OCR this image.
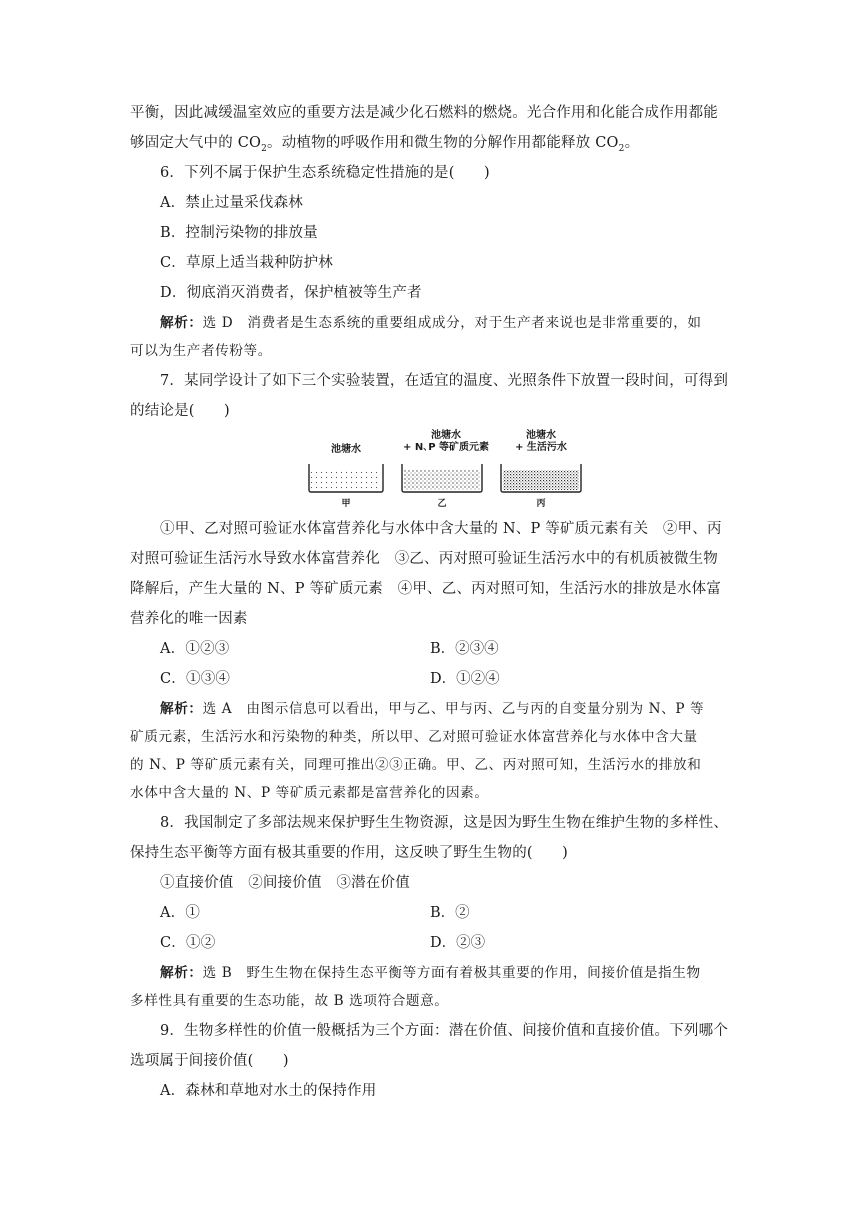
平衡，因此减缓温室效应的重要方法是减少化石燃料的燃烧。光合作用和化能合成作用都能
够固定大气中的 $CO_2$。动植物的呼吸作用和微生物的分解作用都能释放 $CO_2$。
6．下列不属于保护生态系统稳定性措施的是(　　)
A．禁止过量采伐森林
B．控制污染物的排放量
C．草原上适当栽种防护林
D．彻底消灭消费者，保护植被等生产者
解析：选 D　消费者是生态系统的重要组成成分，对于生产者来说也是非常重要的，如
可以为生产者传粉等。
7．某同学设计了如下三个实验装置，在适宜的温度、光照条件下放置一段时间，可得到
的结论是(　　)
池塘水
池塘水
+ N､P 等矿质元素
池塘水
+ 生活污水
甲	乙	丙
①甲、乙对照可验证水体富营养化与水体中含大量的 N、P 等矿质元素有关　②甲、丙
对照可验证生活污水导致水体富营养化　③乙、丙对照可验证生活污水中的有机质被微生物
降解后，产生大量的 N、P 等矿质元素　④甲、乙、丙对照可知，生活污水的排放是水体富
营养化的唯一因素
A．①②③	B．②③④
C．①③④	D．①②④
解析：选 A　由图示信息可以看出，甲与乙、甲与丙、乙与丙的自变量分别为 N、P 等
矿质元素，生活污水和污染物的种类，所以甲、乙对照可验证水体富营养化与水体中含大量
的 N、P 等矿质元素有关，同理可推出②③正确。甲、乙、丙对照可知，生活污水的排放和
水体中含大量的 N、P 等矿质元素都是富营养化的因素。
8．我国制定了多部法规来保护野生生物资源，这是因为野生生物在维护生物的多样性、
保持生态平衡等方面有极其重要的作用，这反映了野生生物的(　　)
①直接价值　②间接价值　③潜在价值
A．①	B．②
C．①②	D．②③
解析：选 B　野生生物在保持生态平衡等方面有着极其重要的作用，间接价值是指生物
多样性具有重要的生态功能，故 B 选项符合题意。
9．生物多样性的价值一般概括为三个方面：潜在价值、间接价值和直接价值。下列哪个
选项属于间接价值(　　)
A．森林和草地对水土的保持作用
